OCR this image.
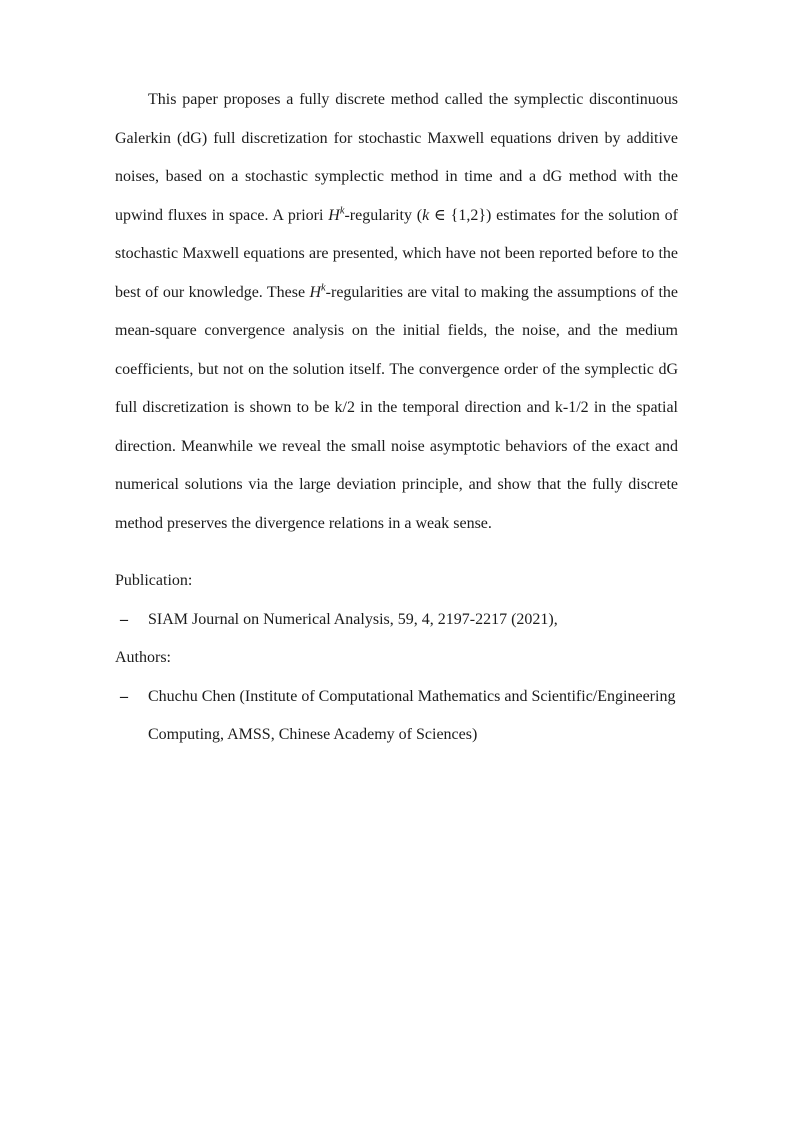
This paper proposes a fully discrete method called the symplectic discontinuous
Galerkin (dG) full discretization for stochastic Maxwell equations driven by additive
noises, based on a stochastic symplectic method in time and a dG method with the
upwind fluxes in space. A priori $H^k$-regularity (k ∈ {1,2}) estimates for the solution of
stochastic Maxwell equations are presented, which have not been reported before to the
best of our knowledge. These $H^k$-regularities are vital to making the assumptions of the
mean-square convergence analysis on the initial fields, the noise, and the medium
coefficients, but not on the solution itself. The convergence order of the symplectic dG
full discretization is shown to be k/2 in the temporal direction and k-1/2 in the spatial
direction. Meanwhile we reveal the small noise asymptotic behaviors of the exact and
numerical solutions via the large deviation principle, and show that the fully discrete
method preserves the divergence relations in a weak sense.
Publication:
– SIAM Journal on Numerical Analysis, 59, 4, 2197-2217 (2021),
Authors:
– Chuchu Chen (Institute of Computational Mathematics and Scientific/Engineering
Computing, AMSS, Chinese Academy of Sciences)
